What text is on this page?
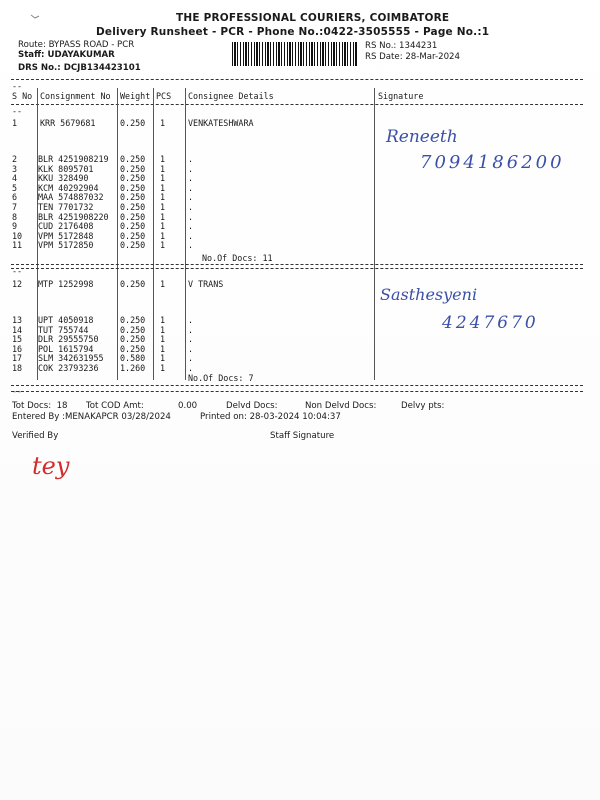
THE PROFESSIONAL COURIERS, COIMBATORE
Delivery Runsheet - PCR - Phone No.:0422-3505555 - Page No.:1
Route: BYPASS ROAD - PCR
Staff: UDAYAKUMAR
DRS No.: DCJB134423101
RS No.: 1344231
RS Date: 28-Mar-2024
--
S No Consignment No Weight PCS Consignee Details	Signature
--
1	KRR 5679681	0.250 1	VENKATESHWARA
2 BLR 4251908219 0.250 1	.
3 KLK 8095701	0.250 1	.
4 KKU 328490	0.250 1	.
5 KCM 40292904	0.250 1	.
6 MAA 574887032 0.250 1	.
7 TEN 7701732	0.250 1	.
8 BLR 4251908220 0.250 1	.
9 CUD 2176408	0.250 1	.
10 VPM 5172848	0.250 1	.
11 VPM 5172850	0.250 1	.
No.Of Docs: 11
Reneeth
7094186200
--
12 MTP 1252998	0.250 1	V TRANS
13 UPT 4050918	0.250 1	.
14 TUT 755744	0.250 1	.
15 DLR 29555750	0.250 1	.
16 POL 1615794	0.250 1	.
17 SLM 342631955 0.580 1	.
18 COK 23793236	1.260 1	.
No.Of Docs: 7
Sasthesyeni
4247670
--
Tot Docs:  18 Tot COD Amt:	0.00	Delvd Docs:	Non Delvd Docs:	Delvy pts:
Entered By :MENAKAPCR 03/28/2024	Printed on: 28-03-2024 10:04:37
Verified By	Staff Signature
tey
